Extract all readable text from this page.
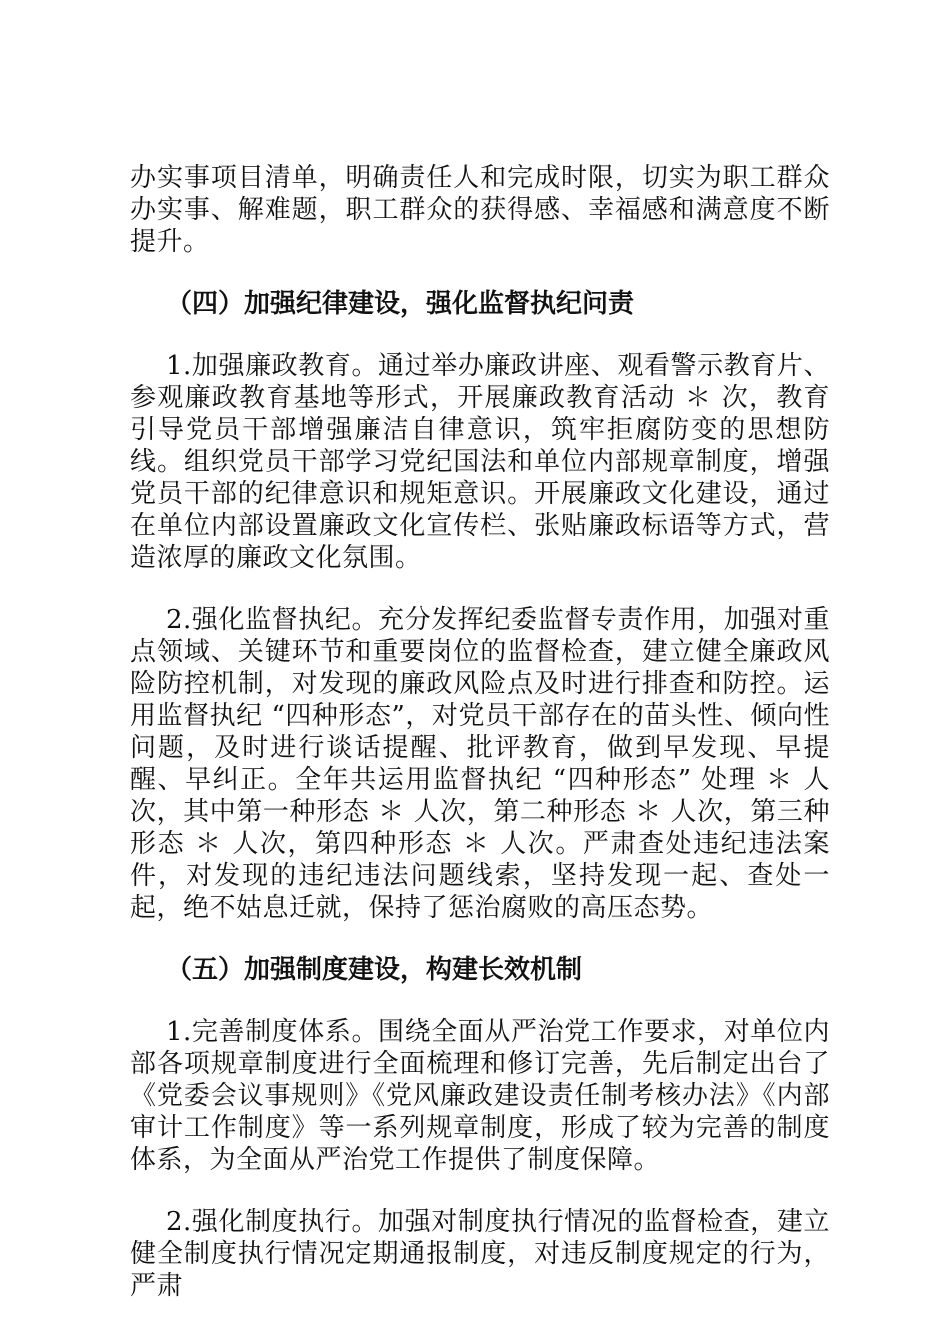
办实事项目清单，明确责任人和完成时限，切实为职工群众办实事、解难题，职工群众的获得感、幸福感和满意度不断提升。

（四）加强纪律建设，强化监督执纪问责

1.加强廉政教育。通过举办廉政讲座、观看警示教育片、参观廉政教育基地等形式，开展廉政教育活动 ＊ 次，教育引导党员干部增强廉洁自律意识，筑牢拒腐防变的思想防线。组织党员干部学习党纪国法和单位内部规章制度，增强党员干部的纪律意识和规矩意识。开展廉政文化建设，通过在单位内部设置廉政文化宣传栏、张贴廉政标语等方式，营造浓厚的廉政文化氛围。

2.强化监督执纪。充分发挥纪委监督专责作用，加强对重点领域、关键环节和重要岗位的监督检查，建立健全廉政风险防控机制，对发现的廉政风险点及时进行排查和防控。运用监督执纪 “四种形态”，对党员干部存在的苗头性、倾向性问题，及时进行谈话提醒、批评教育，做到早发现、早提醒、早纠正。全年共运用监督执纪 “四种形态” 处理 ＊ 人次，其中第一种形态 ＊ 人次，第二种形态 ＊ 人次，第三种形态 ＊ 人次，第四种形态 ＊ 人次。严肃查处违纪违法案件，对发现的违纪违法问题线索，坚持发现一起、查处一起，绝不姑息迁就，保持了惩治腐败的高压态势。

（五）加强制度建设，构建长效机制

1.完善制度体系。围绕全面从严治党工作要求，对单位内部各项规章制度进行全面梳理和修订完善，先后制定出台了《党委会议事规则》《党风廉政建设责任制考核办法》《内部审计工作制度》等一系列规章制度，形成了较为完善的制度体系，为全面从严治党工作提供了制度保障。

2.强化制度执行。加强对制度执行情况的监督检查，建立健全制度执行情况定期通报制度，对违反制度规定的行为，严肃
